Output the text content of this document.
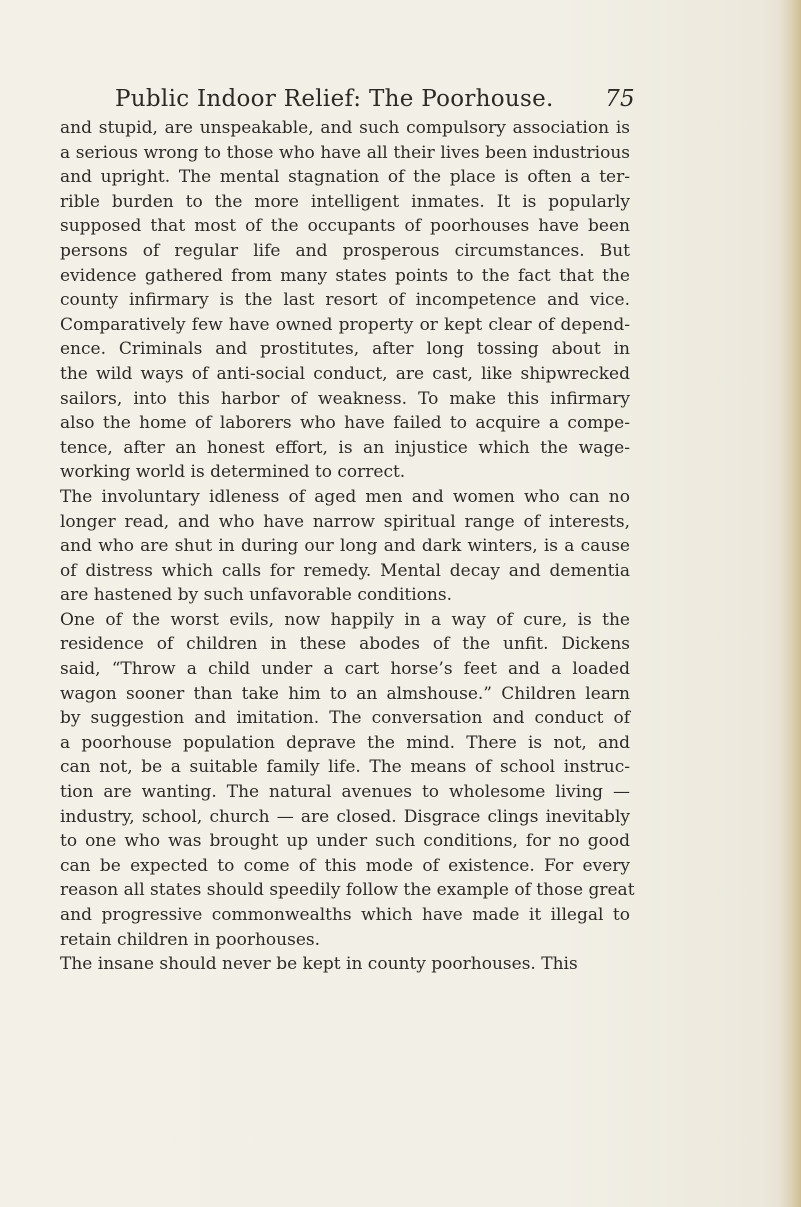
Public Indoor Relief: The Poorhouse. 75
and stupid, are unspeakable, and such compulsory association is
a serious wrong to those who have all their lives been industrious
and upright. The mental stagnation of the place is often a ter-
rible burden to the more intelligent inmates. It is popularly
supposed that most of the occupants of poorhouses have been
persons of regular life and prosperous circumstances. But
evidence gathered from many states points to the fact that the
county infirmary is the last resort of incompetence and vice.
Comparatively few have owned property or kept clear of depend-
ence. Criminals and prostitutes, after long tossing about in
the wild ways of anti-social conduct, are cast, like shipwrecked
sailors, into this harbor of weakness. To make this infirmary
also the home of laborers who have failed to acquire a compe-
tence, after an honest effort, is an injustice which the wage-
working world is determined to correct.
The involuntary idleness of aged men and women who can no
longer read, and who have narrow spiritual range of interests,
and who are shut in during our long and dark winters, is a cause
of distress which calls for remedy. Mental decay and dementia
are hastened by such unfavorable conditions.
One of the worst evils, now happily in a way of cure, is the
residence of children in these abodes of the unfit. Dickens
said, “Throw a child under a cart horse’s feet and a loaded
wagon sooner than take him to an almshouse.” Children learn
by suggestion and imitation. The conversation and conduct of
a poorhouse population deprave the mind. There is not, and
can not, be a suitable family life. The means of school instruc-
tion are wanting. The natural avenues to wholesome living —
industry, school, church — are closed. Disgrace clings inevitably
to one who was brought up under such conditions, for no good
can be expected to come of this mode of existence. For every
reason all states should speedily follow the example of those great
and progressive commonwealths which have made it illegal to
retain children in poorhouses.
The insane should never be kept in county poorhouses. This
